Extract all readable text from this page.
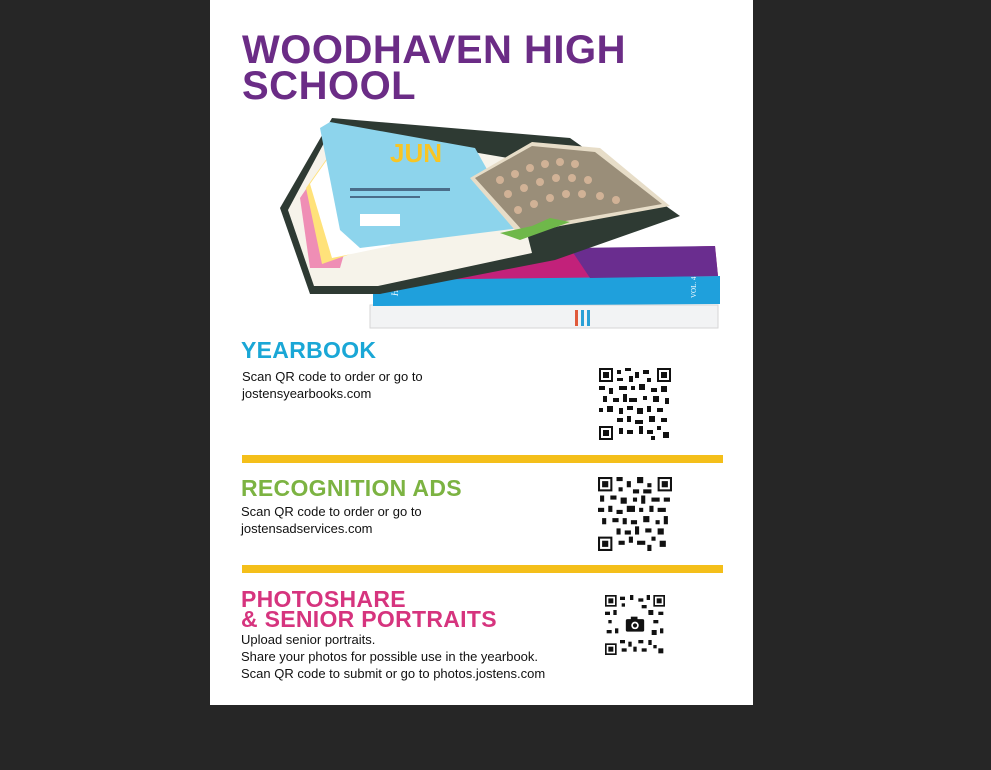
WOODHAVEN HIGH SCHOOL
VOL. 4
JUN
YEARBOOK
Scan QR code to order or go to
jostensyearbooks.com
RECOGNITION ADS
Scan QR code to order or go to
jostensadservices.com
PHOTOSHARE
& SENIOR PORTRAITS
Upload senior portraits.
Share your photos for possible use in the yearbook.
Scan QR code to submit or go to photos.jostens.com
